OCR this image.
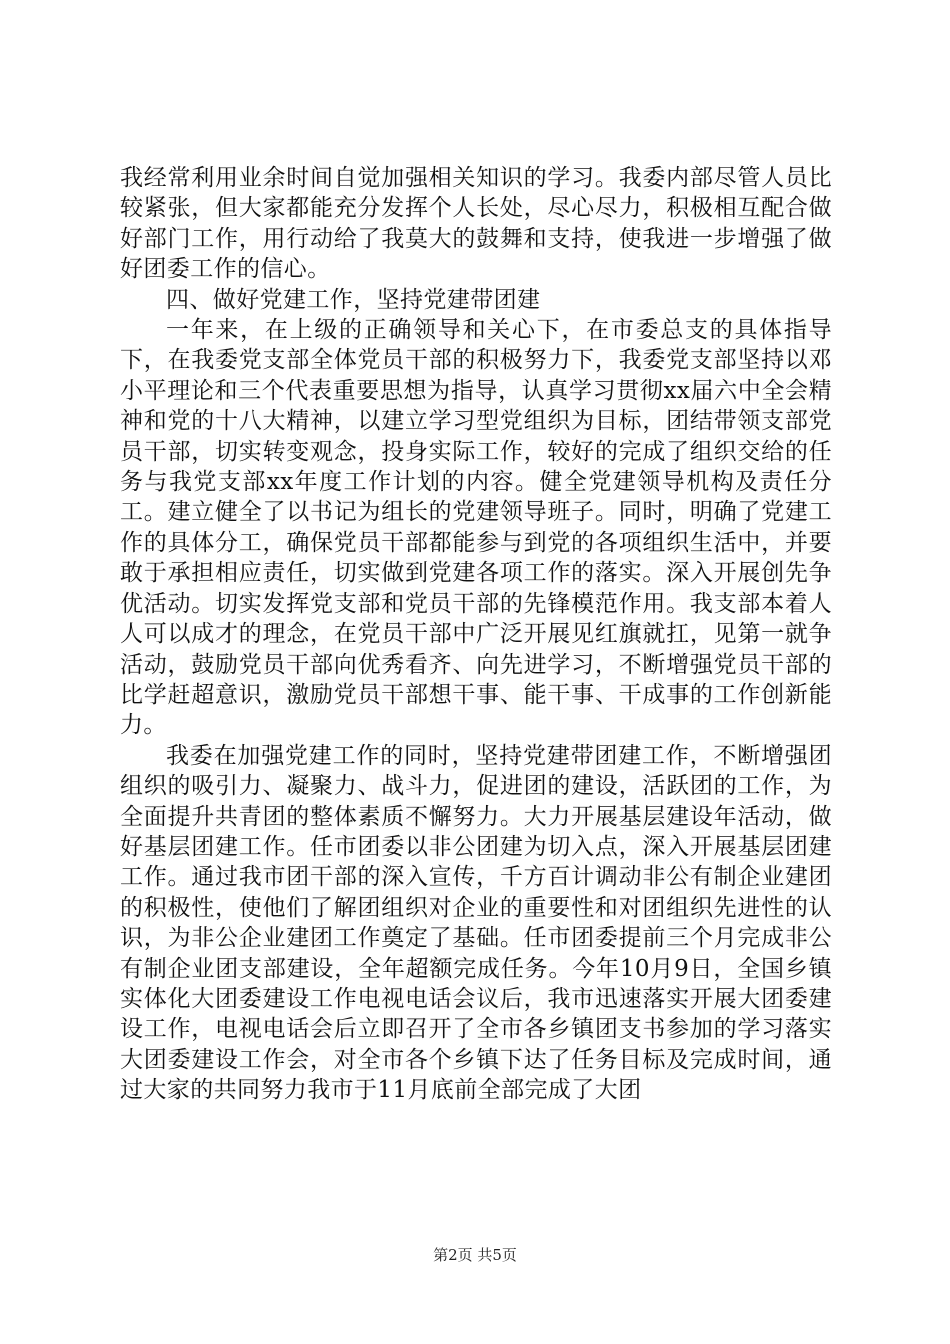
我经常利用业余时间自觉加强相关知识的学习。我委内部尽管人员比较紧张，但大家都能充分发挥个人长处，尽心尽力，积极相互配合做好部门工作，用行动给了我莫大的鼓舞和支持，使我进一步增强了做好团委工作的信心。

四、做好党建工作，坚持党建带团建

一年来，在上级的正确领导和关心下，在市委总支的具体指导下，在我委党支部全体党员干部的积极努力下，我委党支部坚持以邓小平理论和三个代表重要思想为指导，认真学习贯彻xx届六中全会精神和党的十八大精神，以建立学习型党组织为目标，团结带领支部党员干部，切实转变观念，投身实际工作，较好的完成了组织交给的任务与我党支部xx年度工作计划的内容。健全党建领导机构及责任分工。建立健全了以书记为组长的党建领导班子。同时，明确了党建工作的具体分工，确保党员干部都能参与到党的各项组织生活中，并要敢于承担相应责任，切实做到党建各项工作的落实。深入开展创先争优活动。切实发挥党支部和党员干部的先锋模范作用。我支部本着人人可以成才的理念，在党员干部中广泛开展见红旗就扛，见第一就争活动，鼓励党员干部向优秀看齐、向先进学习，不断增强党员干部的比学赶超意识，激励党员干部想干事、能干事、干成事的工作创新能力。

我委在加强党建工作的同时，坚持党建带团建工作，不断增强团组织的吸引力、凝聚力、战斗力，促进团的建设，活跃团的工作，为全面提升共青团的整体素质不懈努力。大力开展基层建设年活动，做好基层团建工作。任市团委以非公团建为切入点，深入开展基层团建工作。通过我市团干部的深入宣传，千方百计调动非公有制企业建团的积极性，使他们了解团组织对企业的重要性和对团组织先进性的认识，为非公企业建团工作奠定了基础。任市团委提前三个月完成非公有制企业团支部建设，全年超额完成任务。今年10月9日，全国乡镇实体化大团委建设工作电视电话会议后，我市迅速落实开展大团委建设工作，电视电话会后立即召开了全市各乡镇团支书参加的学习落实大团委建设工作会，对全市各个乡镇下达了任务目标及完成时间，通过大家的共同努力我市于11月底前全部完成了大团

第2页 共5页
